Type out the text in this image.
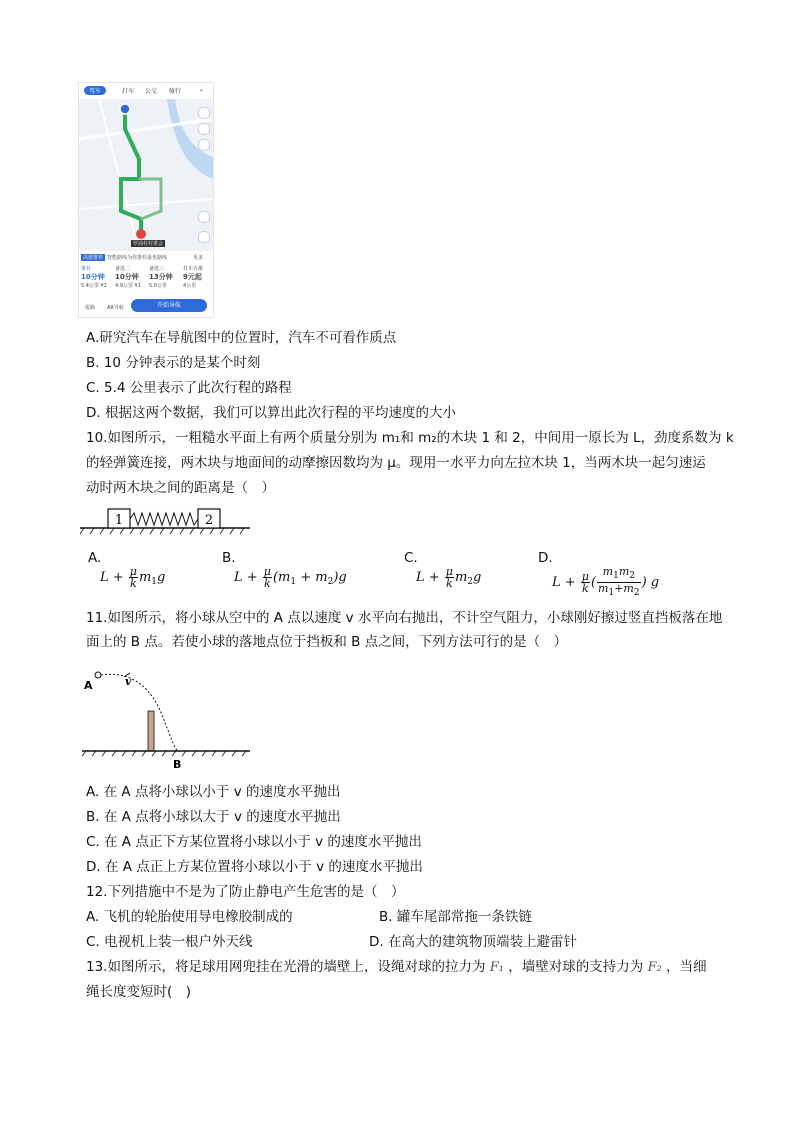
驾车	打车 公交 骑行	⌄
罗浦村村委会
高德推荐 智能路线为你推荐最优路线	更多
推荐
10分钟
5.4公里 ¥1
备选二
10分钟
4.9公里 ¥1
备选三
13分钟
5.0公里
打车方案
9元起
4公里
报路 AR导航	开始导航
A.研究汽车在导航图中的位置时，汽车不可看作质点
B. 10 分钟表示的是某个时刻
C. 5.4 公里表示了此次行程的路程
D. 根据这两个数据，我们可以算出此次行程的平均速度的大小
10.如图所示，一粗糙水平面上有两个质量分别为 m₁和 m₂的木块 1 和 2，中间用一原长为 L，劲度系数为 k
的轻弹簧连接，两木块与地面间的动摩擦因数均为 μ。现用一水平力向左拉木块 1，当两木块一起匀速运
动时两木块之间的距离是（　）
1	2
A.	B.	C.	D.
$L + \frac{\mu}{k} m_1g$	$L + \frac{\mu}{k} (m_1 + m_2)g$	$L + \frac{\mu}{k} m_2g$	$L + \frac{\mu}{k}$ ( $\frac{m_1m_2}{m_1+m_2}$ ) g
11.如图所示，将小球从空中的 A 点以速度 v 水平向右抛出，不计空气阻力，小球刚好擦过竖直挡板落在地
面上的 B 点。若使小球的落地点位于挡板和 B 点之间，下列方法可行的是（　）
A	v
B
A. 在 A 点将小球以小于 v 的速度水平抛出
B. 在 A 点将小球以大于 v 的速度水平抛出
C. 在 A 点正下方某位置将小球以小于 v 的速度水平抛出
D. 在 A 点正上方某位置将小球以小于 v 的速度水平抛出
12.下列措施中不是为了防止静电产生危害的是（　）
A. 飞机的轮胎使用导电橡胶制成的	B. 罐车尾部常拖一条铁链
C. 电视机上装一根户外天线	D. 在高大的建筑物顶端装上避雷针
13.如图所示，将足球用网兜挂在光滑的墙壁上，设绳对球的拉力为 F₁ ，墙壁对球的支持力为 F₂ ，当细
绳长度变短时(　)
